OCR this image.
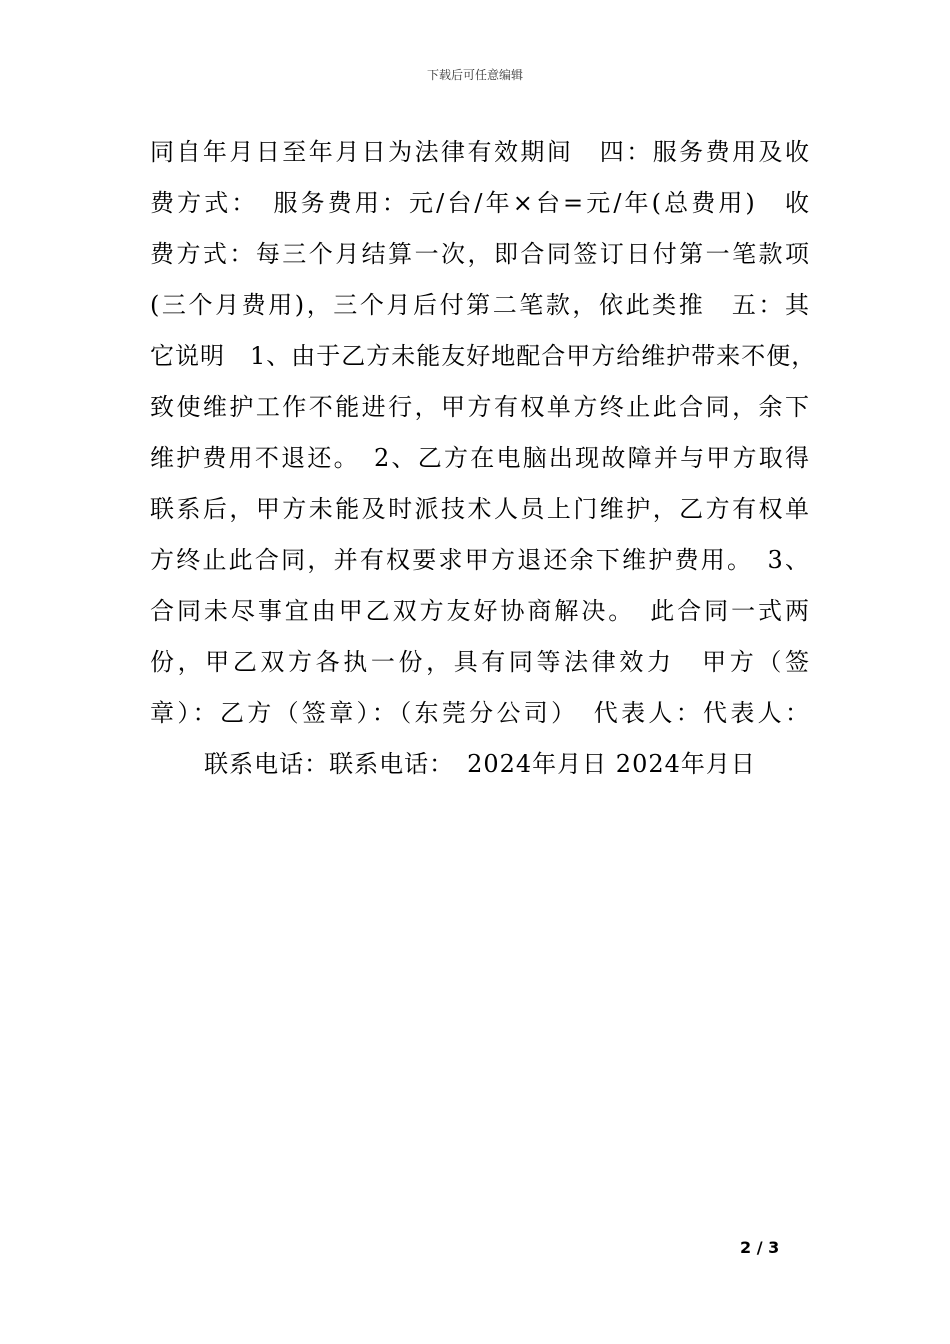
下载后可任意编辑
同自年月日至年月日为法律有效期间　四：服务费用及收
费方式：　服务费用：元/台/年×台=元/年(总费用)　收
费方式：每三个月结算一次，即合同签订日付第一笔款项
(三个月费用)，三个月后付第二笔款，依此类推　五：其
它说明　1、由于乙方未能友好地配合甲方给维护带来不便，
致使维护工作不能进行，甲方有权单方终止此合同，余下
维护费用不退还。　2、乙方在电脑出现故障并与甲方取得
联系后，甲方未能及时派技术人员上门维护，乙方有权单
方终止此合同，并有权要求甲方退还余下维护费用。　3、
合同未尽事宜由甲乙双方友好协商解决。　此合同一式两
份，甲乙双方各执一份，具有同等法律效力　甲方（签
章）：乙方（签章）：（东莞分公司）　代表人：代表人：
联系电话：联系电话：　2024年月日 2024年月日
2 / 3
